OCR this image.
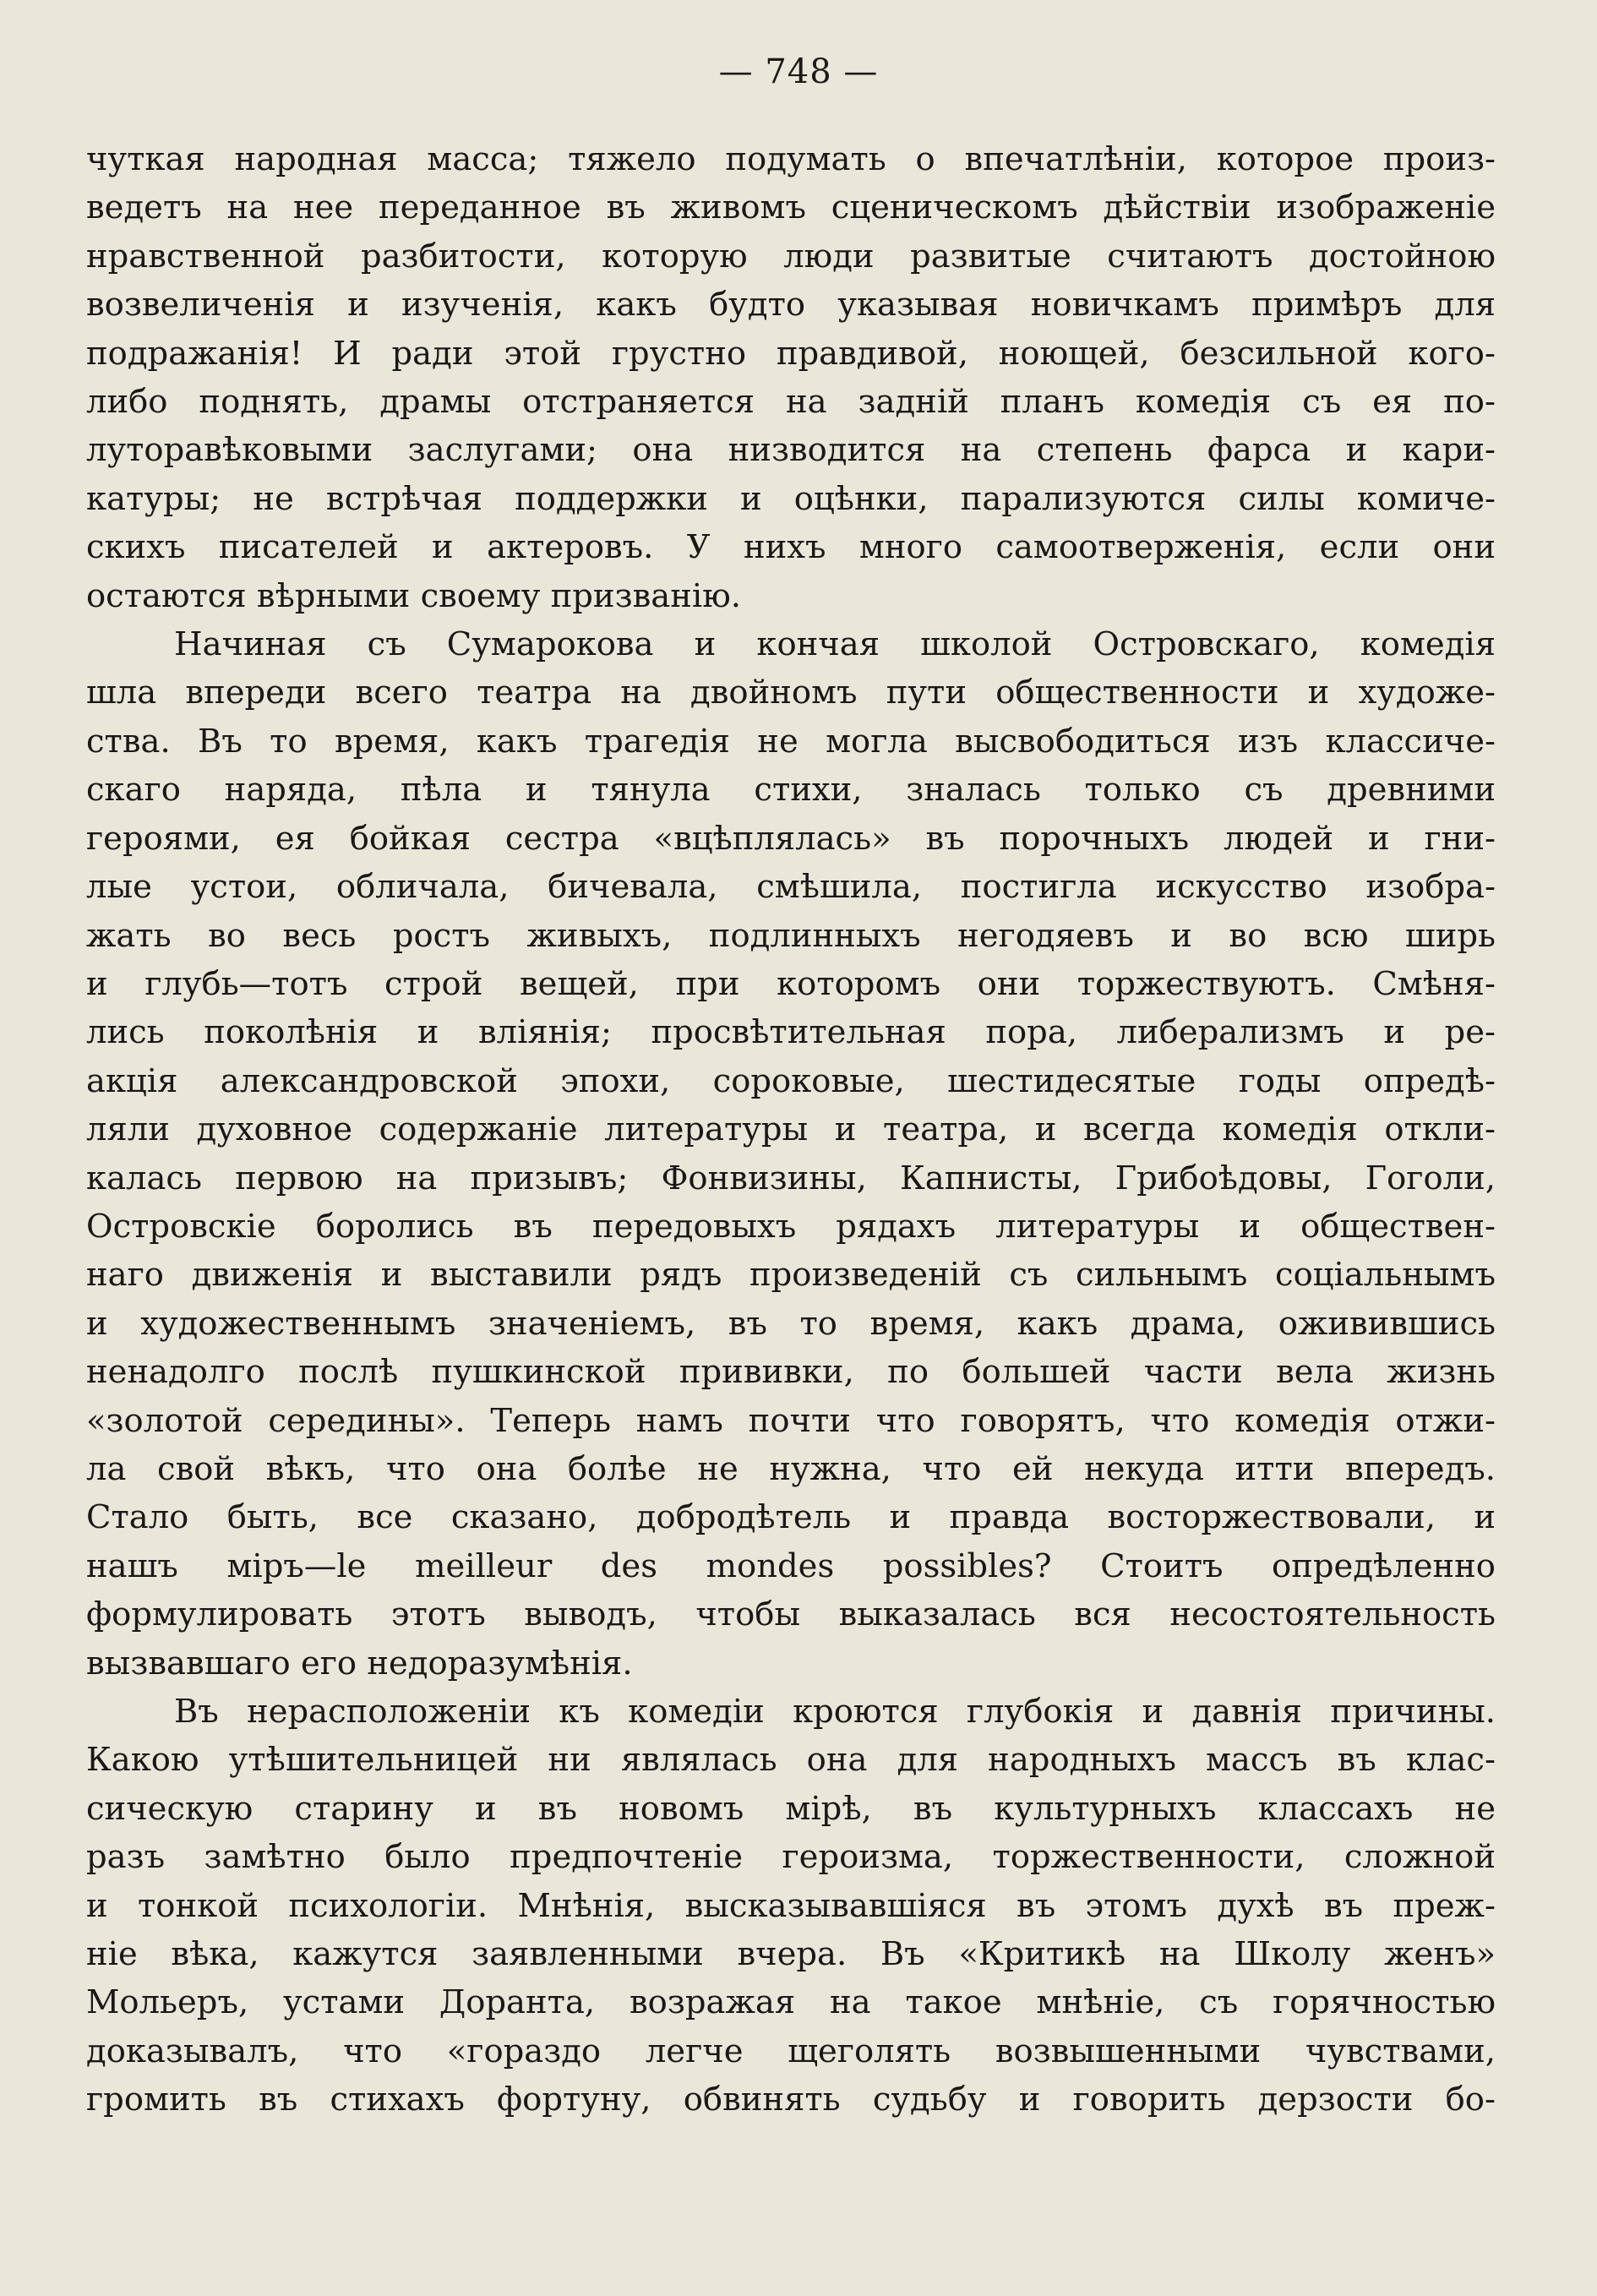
— 748 —
чуткая народная масса; тяжело подумать о впечатлѣніи, которое произ-
ведетъ на нее переданное въ живомъ сценическомъ дѣйствіи изображеніе
нравственной разбитости, которую люди развитые считаютъ достойною
возвеличенія и изученія, какъ будто указывая новичкамъ примѣръ для
подражанія! И ради этой грустно правдивой, ноющей, безсильной кого-
либо поднять, драмы отстраняется на задній планъ комедія съ ея по-
луторавѣковыми заслугами; она низводится на степень фарса и кари-
катуры; не встрѣчая поддержки и оцѣнки, парализуются силы комиче-
скихъ писателей и актеровъ. У нихъ много самоотверженія, если они
остаются вѣрными своему призванію.
Начиная съ Сумарокова и кончая школой Островскаго, комедія
шла впереди всего театра на двойномъ пути общественности и художе-
ства. Въ то время, какъ трагедія не могла высвободиться изъ классиче-
скаго наряда, пѣла и тянула стихи, зналась только съ древними
героями, ея бойкая сестра «вцѣплялась» въ порочныхъ людей и гни-
лые устои, обличала, бичевала, смѣшила, постигла искусство изобра-
жать во весь ростъ живыхъ, подлинныхъ негодяевъ и во всю ширь
и глубь—тотъ строй вещей, при которомъ они торжествуютъ. Смѣня-
лись поколѣнія и вліянія; просвѣтительная пора, либерализмъ и ре-
акція александровской эпохи, сороковые, шестидесятые годы опредѣ-
ляли духовное содержаніе литературы и театра, и всегда комедія откли-
калась первою на призывъ; Фонвизины, Капнисты, Грибоѣдовы, Гоголи,
Островскіе боролись въ передовыхъ рядахъ литературы и обществен-
наго движенія и выставили рядъ произведеній съ сильнымъ соціальнымъ
и художественнымъ значеніемъ, въ то время, какъ драма, оживившись
ненадолго послѣ пушкинской прививки, по большей части вела жизнь
«золотой середины». Теперь намъ почти что говорятъ, что комедія отжи-
ла свой вѣкъ, что она болѣе не нужна, что ей некуда итти впередъ.
Стало быть, все сказано, добродѣтель и правда восторжествовали, и
нашъ міръ—le meilleur des mondes possibles? Стоитъ опредѣленно
формулировать этотъ выводъ, чтобы выказалась вся несостоятельность
вызвавшаго его недоразумѣнія.
Въ нерасположеніи къ комедіи кроются глубокія и давнія причины.
Какою утѣшительницей ни являлась она для народныхъ массъ въ клас-
сическую старину и въ новомъ мірѣ, въ культурныхъ классахъ не
разъ замѣтно было предпочтеніе героизма, торжественности, сложной
и тонкой психологіи. Мнѣнія, высказывавшіяся въ этомъ духѣ въ преж-
ніе вѣка, кажутся заявленными вчера. Въ «Критикѣ на Школу женъ»
Мольеръ, устами Доранта, возражая на такое мнѣніе, съ горячностью
доказывалъ, что «гораздо легче щеголять возвышенными чувствами,
громить въ стихахъ фортуну, обвинять судьбу и говорить дерзости бо-
